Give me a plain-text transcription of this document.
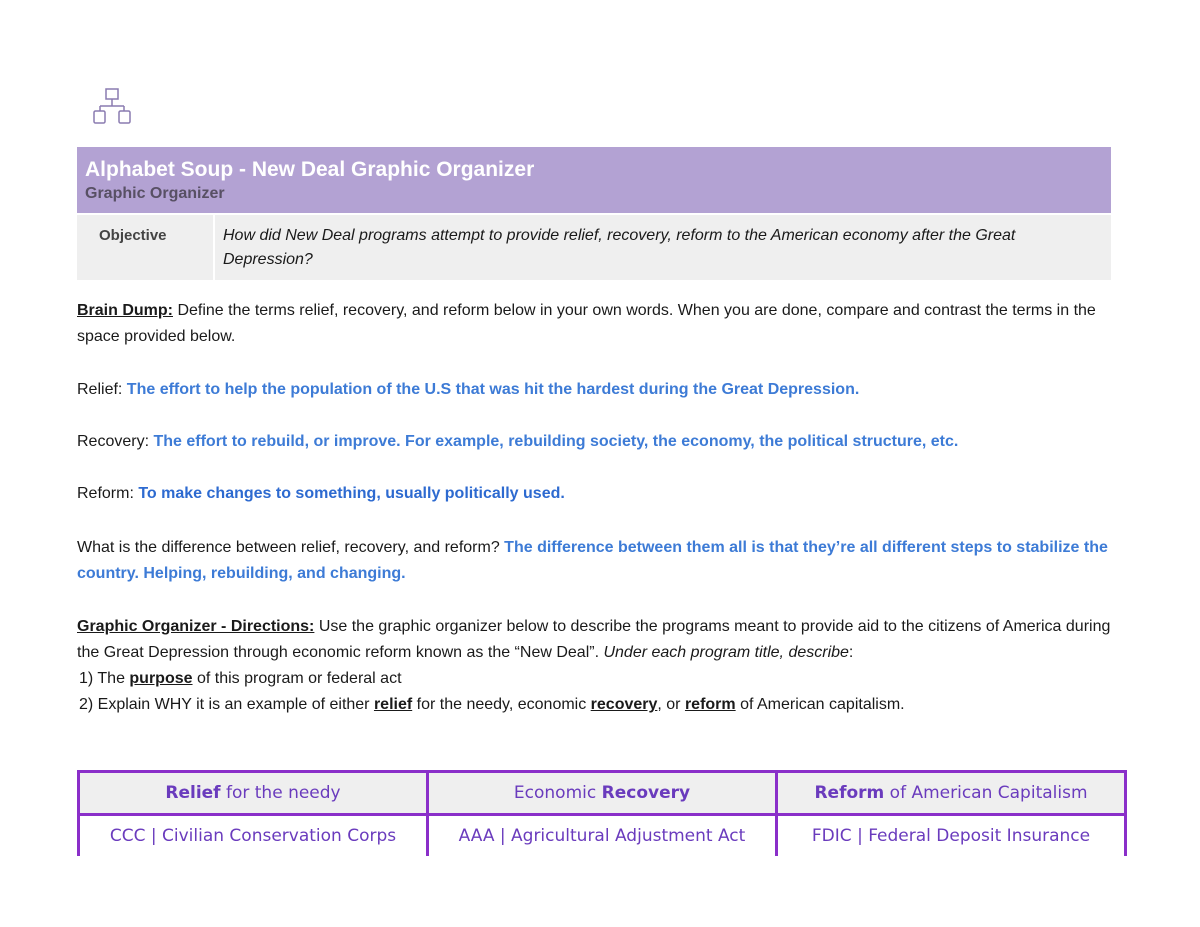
Alphabet Soup - New Deal Graphic Organizer
Graphic Organizer

Objective	How did New Deal programs attempt to provide relief, recovery, reform to the American economy after the Great Depression?
Brain Dump: Define the terms relief, recovery, and reform below in your own words. When you are done, compare and contrast the terms in the space provided below.
Relief: The effort to help the population of the U.S that was hit the hardest during the Great Depression.
Recovery: The effort to rebuild, or improve. For example, rebuilding society, the economy, the political structure, etc.
Reform: To make changes to something, usually politically used.
What is the difference between relief, recovery, and reform? The difference between them all is that they’re all different steps to stabilize the country. Helping, rebuilding, and changing.
Graphic Organizer - Directions: Use the graphic organizer below to describe the programs meant to provide aid to the citizens of America during the Great Depression through economic reform known as the “New Deal”. Under each program title, describe:
1) The purpose of this program or federal act
2) Explain WHY it is an example of either relief for the needy, economic recovery, or reform of American capitalism.
Relief for the needy	Economic Recovery	Reform of American Capitalism
CCC | Civilian Conservation Corps	AAA | Agricultural Adjustment Act	FDIC | Federal Deposit Insurance
